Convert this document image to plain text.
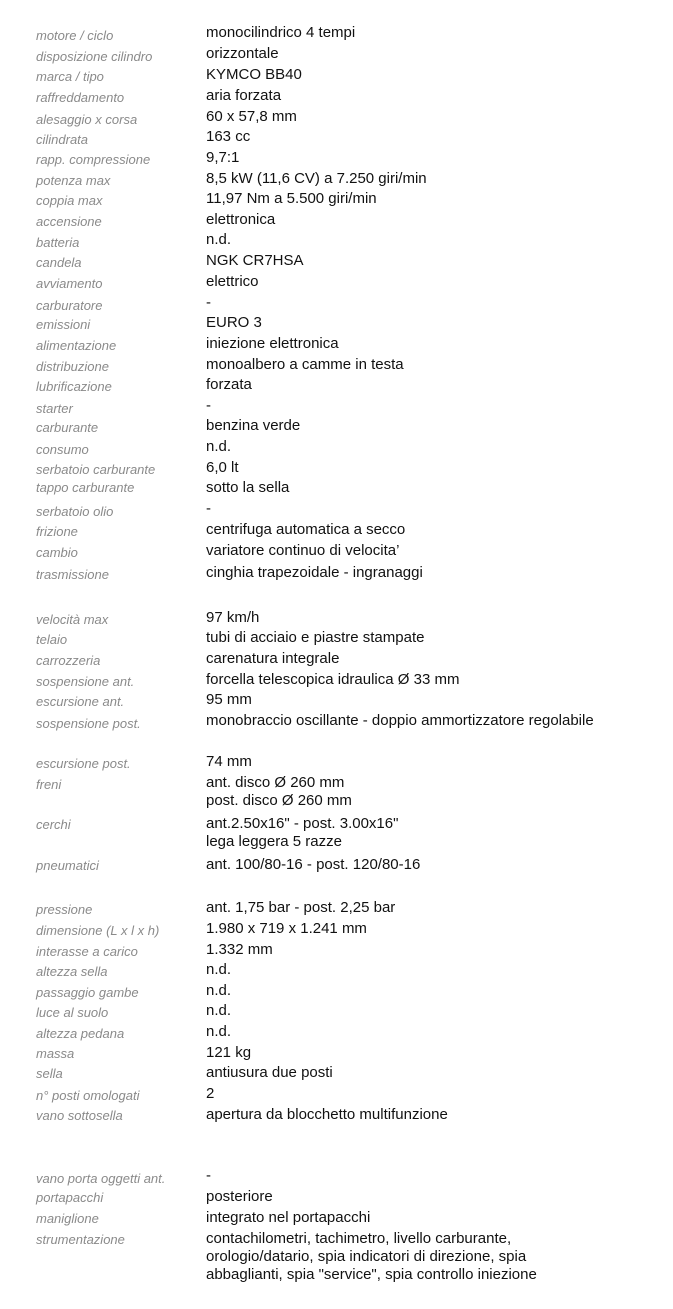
motore / ciclo	monocilindrico 4 tempi
disposizione cilindro	orizzontale
marca / tipo	KYMCO BB40
raffreddamento	aria forzata
alesaggio x corsa	60 x 57,8 mm
cilindrata	163 cc
rapp. compressione	9,7:1
potenza max	8,5 kW (11,6 CV) a 7.250 giri/min
coppia max	11,97 Nm a 5.500 giri/min
accensione	elettronica
batteria	n.d.
candela	NGK CR7HSA
avviamento	elettrico
carburatore	-
emissioni	EURO 3
alimentazione	iniezione elettronica
distribuzione	monoalbero a camme in testa
lubrificazione	forzata
starter	-
carburante	benzina verde
consumo	n.d.
serbatoio carburante	6,0 lt
tappo carburante	sotto la sella
serbatoio olio	-
frizione	centrifuga automatica a secco
cambio	variatore continuo di velocita’
trasmissione	cinghia trapezoidale - ingranaggi
velocità max	97 km/h
telaio	tubi di acciaio e piastre stampate
carrozzeria	carenatura integrale
sospensione ant.	forcella telescopica idraulica Ø 33 mm
escursione ant.	95 mm
sospensione post.	monobraccio oscillante - doppio ammortizzatore regolabile
escursione post.	74 mm
freni	ant. disco Ø 260 mm
post. disco Ø 260 mm
cerchi	ant.2.50x16" - post. 3.00x16"
lega leggera 5 razze
pneumatici	ant. 100/80-16 - post. 120/80-16
pressione	ant. 1,75 bar - post. 2,25 bar
dimensione (L x l x h)	1.980 x 719 x 1.241 mm
interasse a carico	1.332 mm
altezza sella	n.d.
passaggio gambe	n.d.
luce al suolo	n.d.
altezza pedana	n.d.
massa	121 kg
sella	antiusura due posti
n° posti omologati	2
vano sottosella	apertura da blocchetto multifunzione
vano porta oggetti ant.	-
portapacchi	posteriore
maniglione	integrato nel portapacchi
strumentazione	contachilometri, tachimetro, livello carburante,
orologio/datario, spia indicatori di direzione, spia
abbaglianti, spia "service", spia controllo iniezione
